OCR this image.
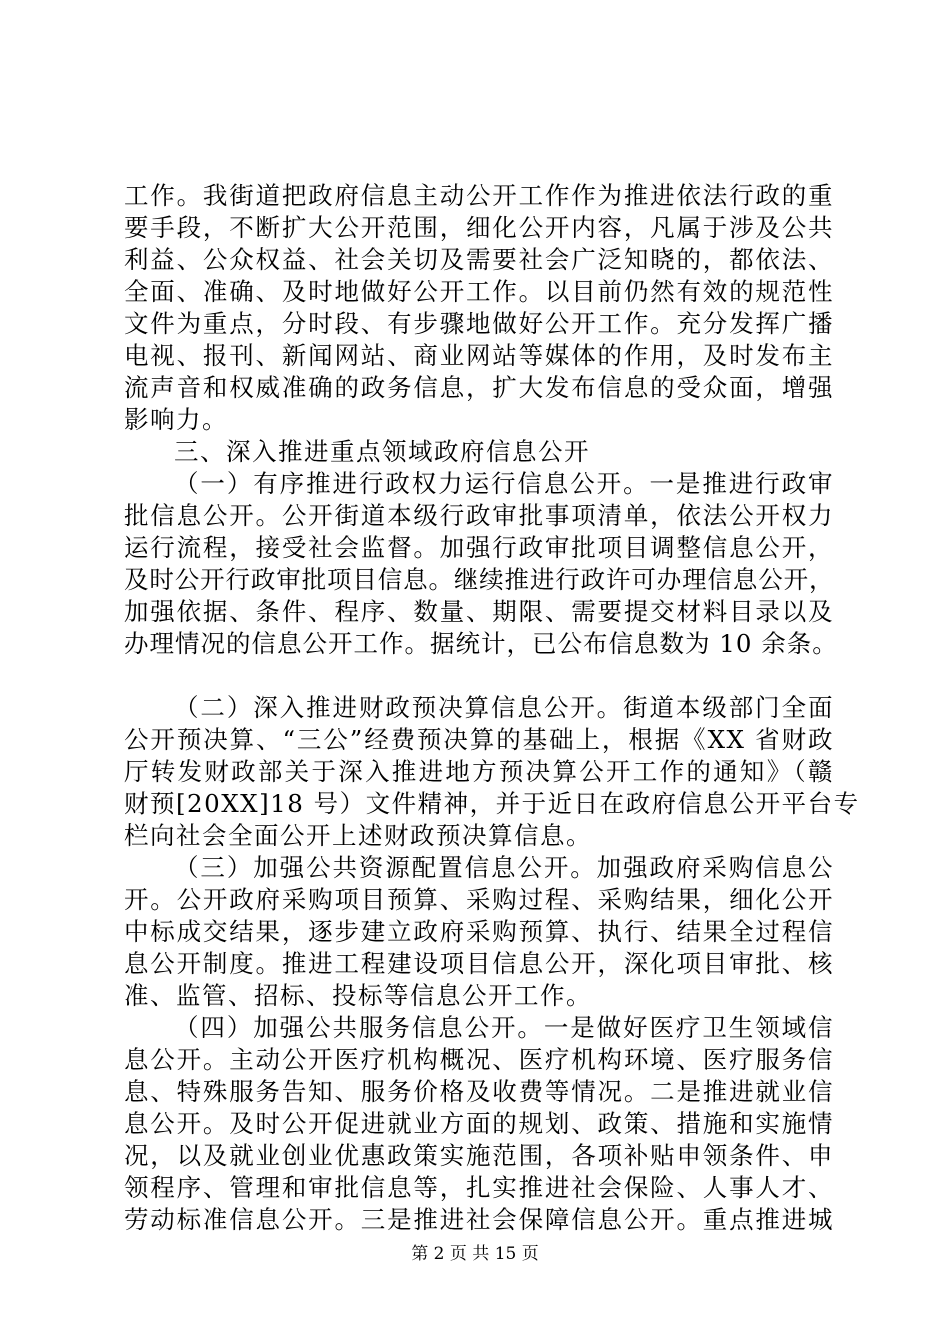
工作。我街道把政府信息主动公开工作作为推进依法行政的重
要手段，不断扩大公开范围，细化公开内容，凡属于涉及公共
利益、公众权益、社会关切及需要社会广泛知晓的，都依法、
全面、准确、及时地做好公开工作。以目前仍然有效的规范性
文件为重点，分时段、有步骤地做好公开工作。充分发挥广播
电视、报刊、新闻网站、商业网站等媒体的作用，及时发布主
流声音和权威准确的政务信息，扩大发布信息的受众面，增强
影响力。
三、深入推进重点领域政府信息公开
（一）有序推进行政权力运行信息公开。一是推进行政审
批信息公开。公开街道本级行政审批事项清单，依法公开权力
运行流程，接受社会监督。加强行政审批项目调整信息公开，
及时公开行政审批项目信息。继续推进行政许可办理信息公开，
加强依据、条件、程序、数量、期限、需要提交材料目录以及
办理情况的信息公开工作。据统计，已公布信息数为 10 余条。
（二）深入推进财政预决算信息公开。街道本级部门全面
公开预决算、“三公”经费预决算的基础上，根据《XX 省财政
厅转发财政部关于深入推进地方预决算公开工作的通知》（赣
财预[20XX]18 号）文件精神，并于近日在政府信息公开平台专
栏向社会全面公开上述财政预决算信息。
（三）加强公共资源配置信息公开。加强政府采购信息公
开。公开政府采购项目预算、采购过程、采购结果，细化公开
中标成交结果，逐步建立政府采购预算、执行、结果全过程信
息公开制度。推进工程建设项目信息公开，深化项目审批、核
准、监管、招标、投标等信息公开工作。
（四）加强公共服务信息公开。一是做好医疗卫生领域信
息公开。主动公开医疗机构概况、医疗机构环境、医疗服务信
息、特殊服务告知、服务价格及收费等情况。二是推进就业信
息公开。及时公开促进就业方面的规划、政策、措施和实施情
况，以及就业创业优惠政策实施范围，各项补贴申领条件、申
领程序、管理和审批信息等，扎实推进社会保险、人事人才、
劳动标准信息公开。三是推进社会保障信息公开。重点推进城
第 2 页 共 15 页
